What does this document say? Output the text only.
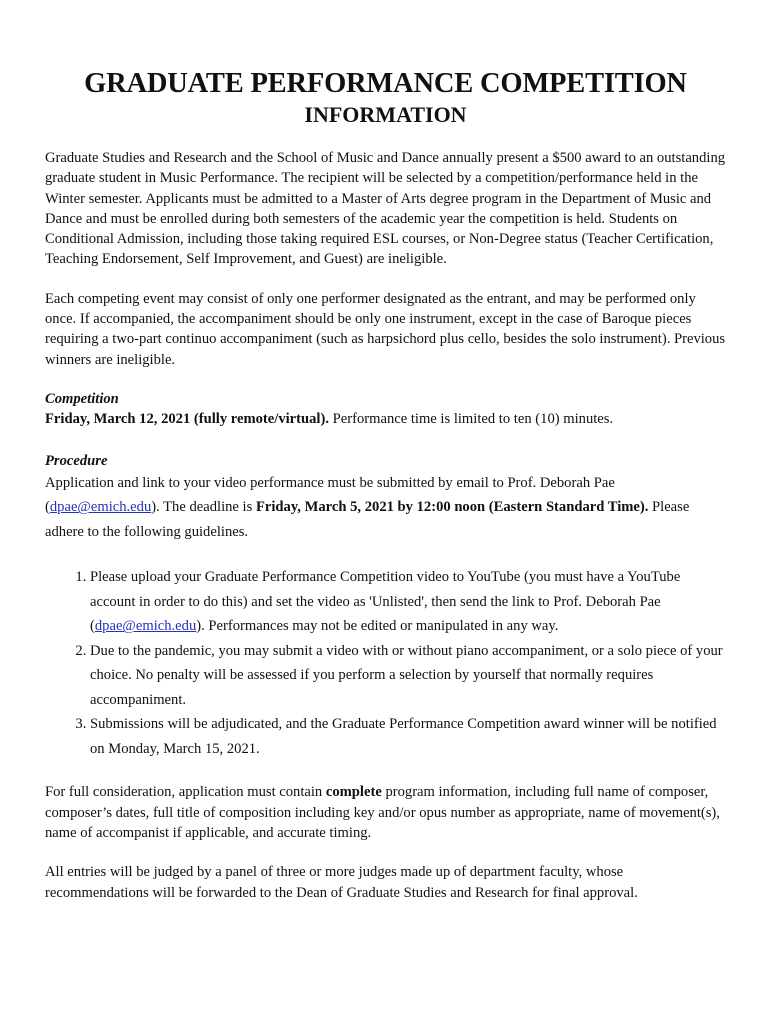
GRADUATE PERFORMANCE COMPETITION
INFORMATION

Graduate Studies and Research and the School of Music and Dance annually present a $500 award to an outstanding graduate student in Music Performance. The recipient will be selected by a competition/performance held in the Winter semester. Applicants must be admitted to a Master of Arts degree program in the Department of Music and Dance and must be enrolled during both semesters of the academic year the competition is held. Students on Conditional Admission, including those taking required ESL courses, or Non-Degree status (Teacher Certification, Teaching Endorsement, Self Improvement, and Guest) are ineligible.

Each competing event may consist of only one performer designated as the entrant, and may be performed only once. If accompanied, the accompaniment should be only one instrument, except in the case of Baroque pieces requiring a two-part continuo accompaniment (such as harpsichord plus cello, besides the solo instrument). Previous winners are ineligible.

Competition

Friday, March 12, 2021 (fully remote/virtual). Performance time is limited to ten (10) minutes.

Procedure

Application and link to your video performance must be submitted by email to Prof. Deborah Pae (dpae@emich.edu). The deadline is Friday, March 5, 2021 by 12:00 noon (Eastern Standard Time). Please adhere to the following guidelines.

1. Please upload your Graduate Performance Competition video to YouTube (you must have a YouTube account in order to do this) and set the video as 'Unlisted', then send the link to Prof. Deborah Pae (dpae@emich.edu). Performances may not be edited or manipulated in any way.
2. Due to the pandemic, you may submit a video with or without piano accompaniment, or a solo piece of your choice. No penalty will be assessed if you perform a selection by yourself that normally requires accompaniment.
3. Submissions will be adjudicated, and the Graduate Performance Competition award winner will be notified on Monday, March 15, 2021.

For full consideration, application must contain complete program information, including full name of composer, composer’s dates, full title of composition including key and/or opus number as appropriate, name of movement(s), name of accompanist if applicable, and accurate timing.

All entries will be judged by a panel of three or more judges made up of department faculty, whose recommendations will be forwarded to the Dean of Graduate Studies and Research for final approval.
